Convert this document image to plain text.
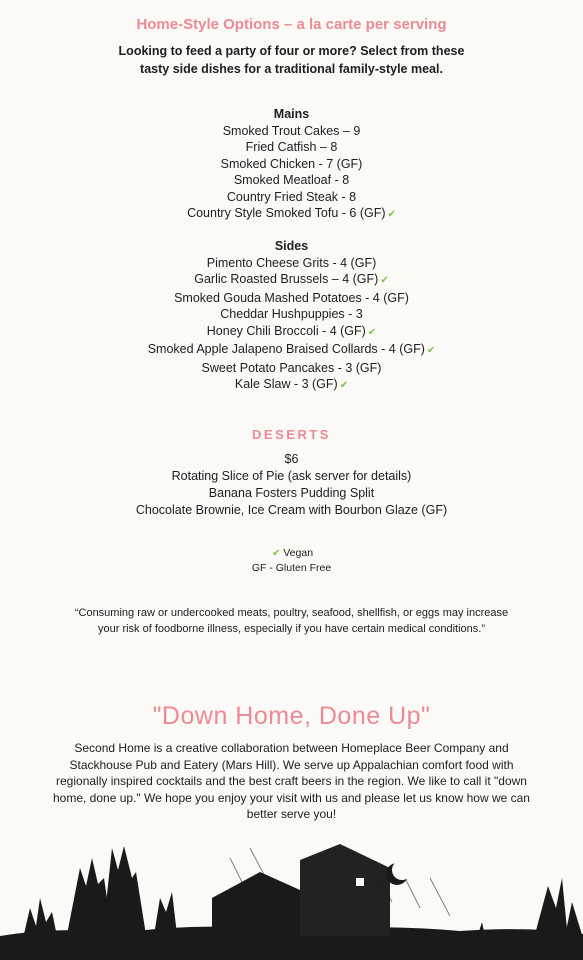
Home-Style Options – a la carte per serving
Looking to feed a party of four or more? Select from these
tasty side dishes for a traditional family-style meal.
Mains
Smoked Trout Cakes – 9
Fried Catfish – 8
Smoked Chicken - 7 (GF)
Smoked Meatloaf - 8
Country Fried Steak - 8
Country Style Smoked Tofu - 6 (GF) ✔
Sides
Pimento Cheese Grits - 4 (GF)
Garlic Roasted Brussels – 4 (GF) ✔
Smoked Gouda Mashed Potatoes - 4 (GF)
Cheddar Hushpuppies - 3
Honey Chili Broccoli - 4 (GF) ✔
Smoked Apple Jalapeno Braised Collards - 4 (GF) ✔
Sweet Potato Pancakes - 3 (GF)
Kale Slaw - 3 (GF) ✔
DESERTS
$6
Rotating Slice of Pie (ask server for details)
Banana Fosters Pudding Split
Chocolate Brownie, Ice Cream with Bourbon Glaze (GF)
✔ Vegan
GF - Gluten Free
“Consuming raw or undercooked meats, poultry, seafood, shellfish, or eggs may increase
your risk of foodborne illness, especially if you have certain medical conditions.”
"Down Home, Done Up"
Second Home is a creative collaboration between Homeplace Beer Company and
Stackhouse Pub and Eatery (Mars Hill). We serve up Appalachian comfort food with
regionally inspired cocktails and the best craft beers in the region. We like to call it "down
home, done up." We hope you enjoy your visit with us and please let us know how we can
better serve you!
